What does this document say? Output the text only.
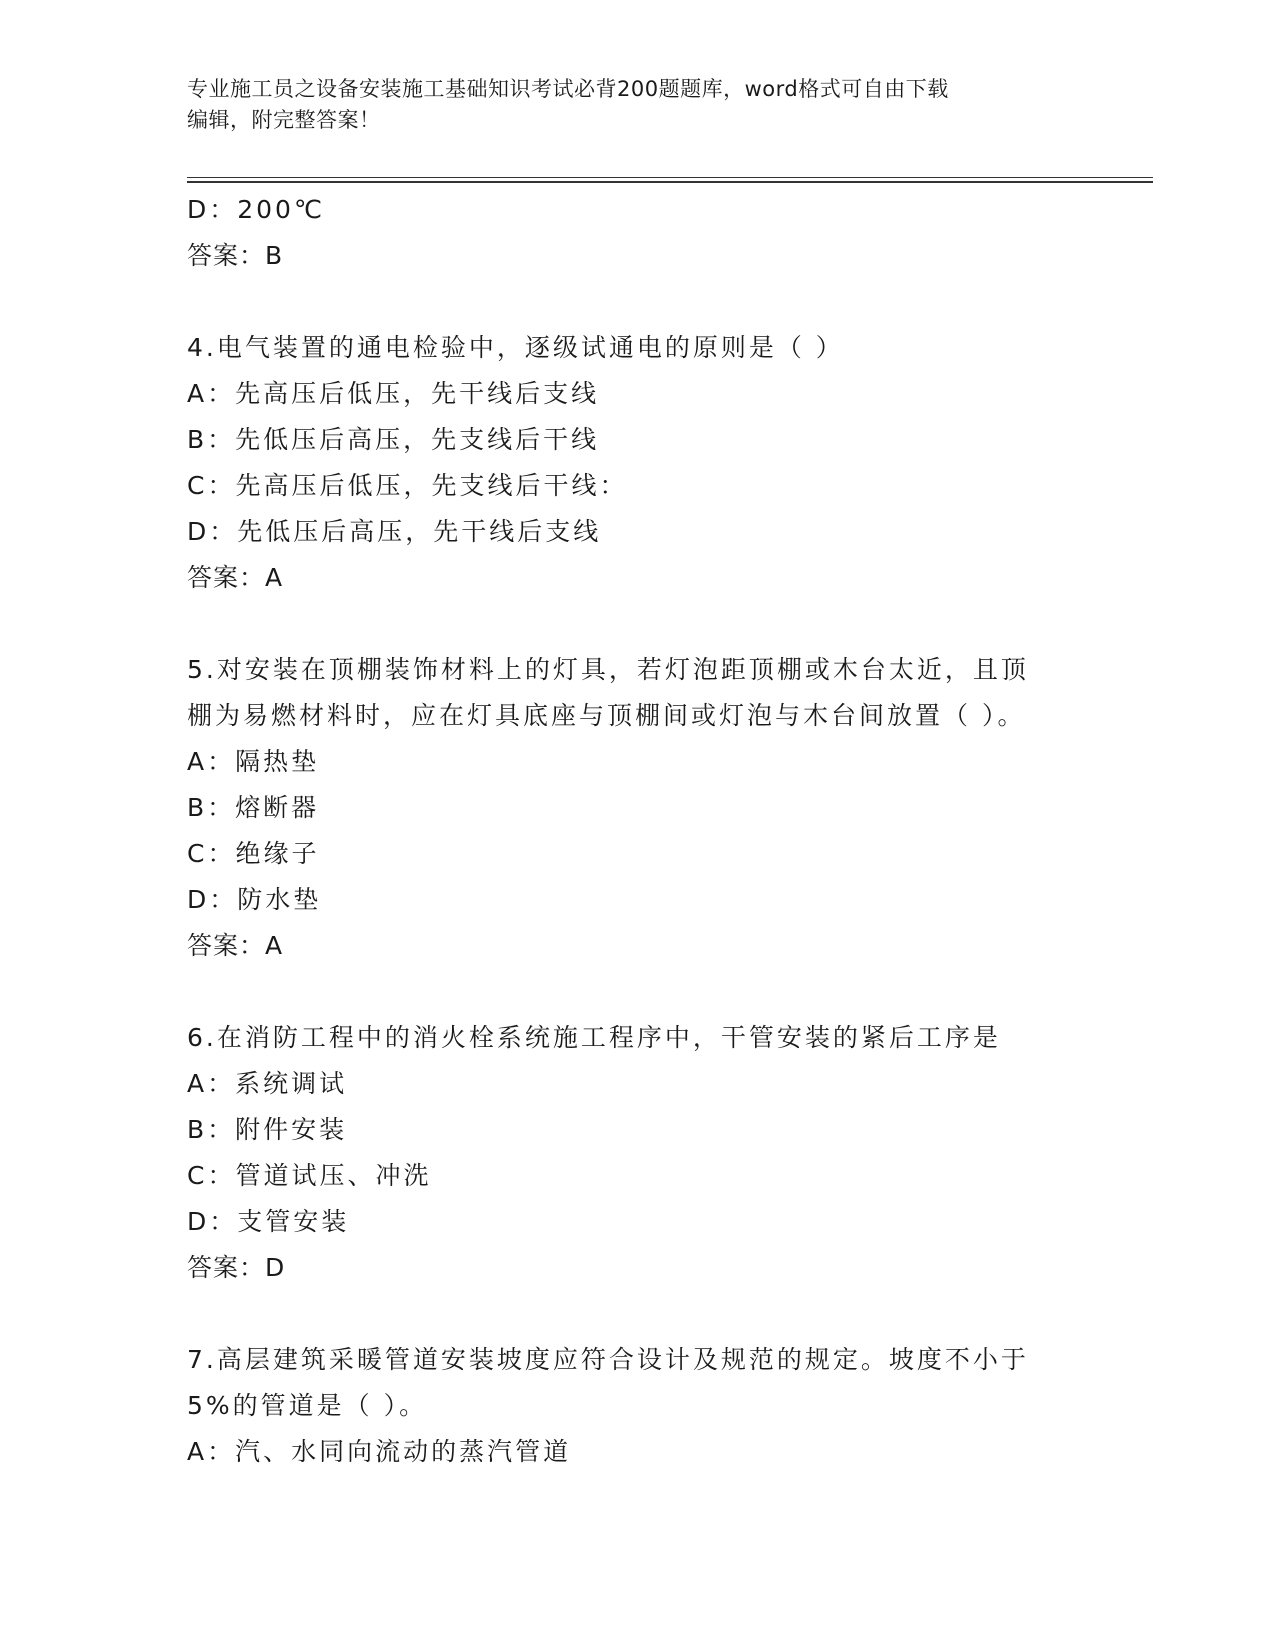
专业施工员之设备安装施工基础知识考试必背200题题库，word格式可自由下载
编辑，附完整答案！
D：200℃
答案：B
4.电气装置的通电检验中，逐级试通电的原则是（ ）
A：先高压后低压，先干线后支线
B：先低压后高压，先支线后干线
C：先高压后低压，先支线后干线：
D：先低压后高压，先干线后支线
答案：A
5.对安装在顶棚装饰材料上的灯具，若灯泡距顶棚或木台太近，且顶
棚为易燃材料时，应在灯具底座与顶棚间或灯泡与木台间放置（ ）。
A：隔热垫
B：熔断器
C：绝缘子
D：防水垫
答案：A
6.在消防工程中的消火栓系统施工程序中，干管安装的紧后工序是
A：系统调试
B：附件安装
C：管道试压、冲洗
D：支管安装
答案：D
7.高层建筑采暖管道安装坡度应符合设计及规范的规定。坡度不小于
5%的管道是（ ）。
A：汽、水同向流动的蒸汽管道
